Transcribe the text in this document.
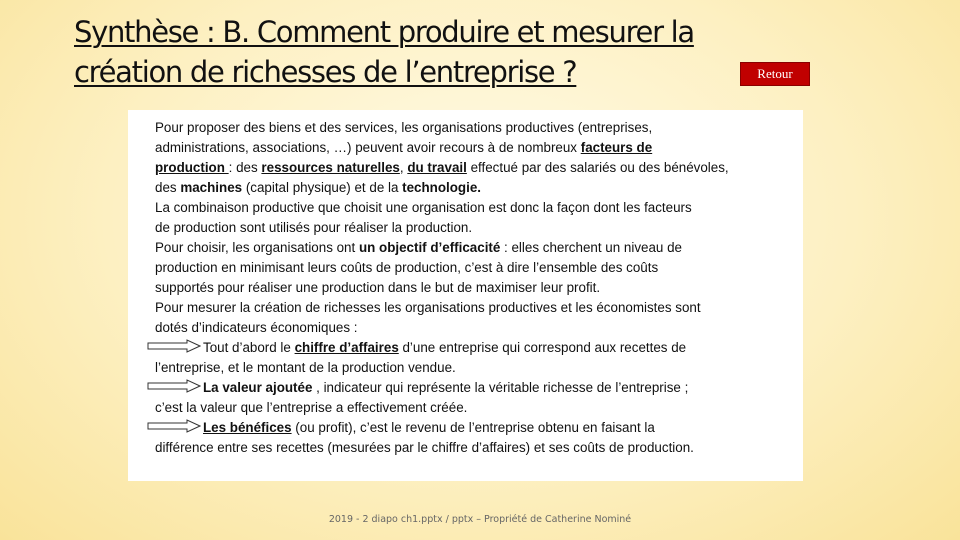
Synthèse : B. Comment produire et mesurer la
création de richesses de l’entreprise ?	Retour
Pour proposer des biens et des services, les organisations productives (entreprises,
administrations, associations, …) peuvent avoir recours à de nombreux facteurs de
production : des ressources naturelles, du travail effectué par des salariés ou des bénévoles,
des machines (capital physique) et de la technologie.
La combinaison productive que choisit une organisation est donc la façon dont les facteurs
de production sont utilisés pour réaliser la production.
Pour choisir, les organisations ont un objectif d’efficacité : elles cherchent un niveau de
production en minimisant leurs coûts de production, c’est à dire l’ensemble des coûts
supportés pour réaliser une production dans le but de maximiser leur profit.
Pour mesurer la création de richesses les organisations productives et les économistes sont
dotés d’indicateurs économiques :
Tout d’abord le chiffre d’affaires d’une entreprise qui correspond aux recettes de
l’entreprise, et le montant de la production vendue.
La valeur ajoutée , indicateur qui représente la véritable richesse de l’entreprise ;
c’est la valeur que l’entreprise a effectivement créée.
Les bénéfices (ou profit), c’est le revenu de l’entreprise obtenu en faisant la
différence entre ses recettes (mesurées par le chiffre d’affaires) et ses coûts de production.
2019 - 2 diapo ch1.pptx / pptx – Propriété de Catherine Nominé
